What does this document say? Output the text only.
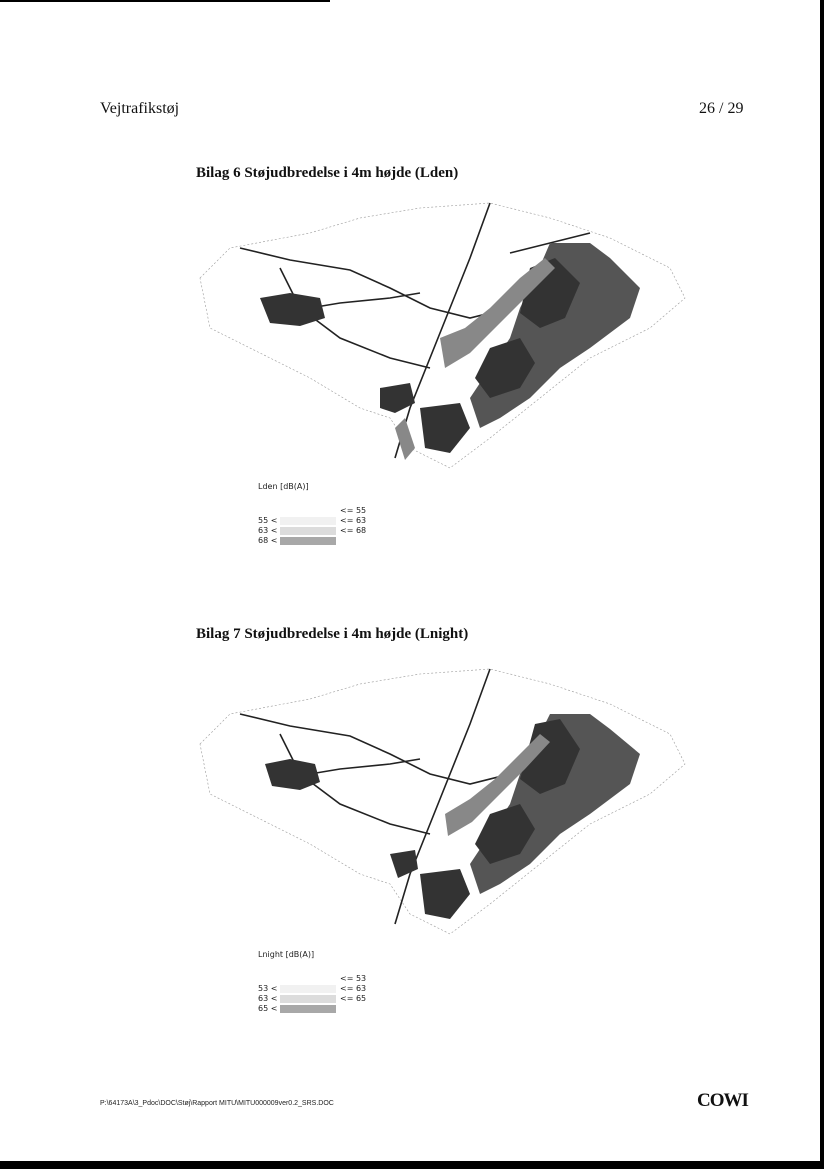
Vejtrafikstøj	26 / 29
Bilag 6 Støjudbredelse i 4m højde (Lden)
Lden [dB(A)]
<= 55
55 <	<= 63
63 <	<= 68
68 <
Bilag 7 Støjudbredelse i 4m højde (Lnight)
Lnight [dB(A)]
<= 53
53 <	<= 63
63 <	<= 65
65 <
P:\64173A\3_Pdoc\DOC\Støj\Rapport MITU\MITU000009ver0.2_SRS.DOC	COWI
